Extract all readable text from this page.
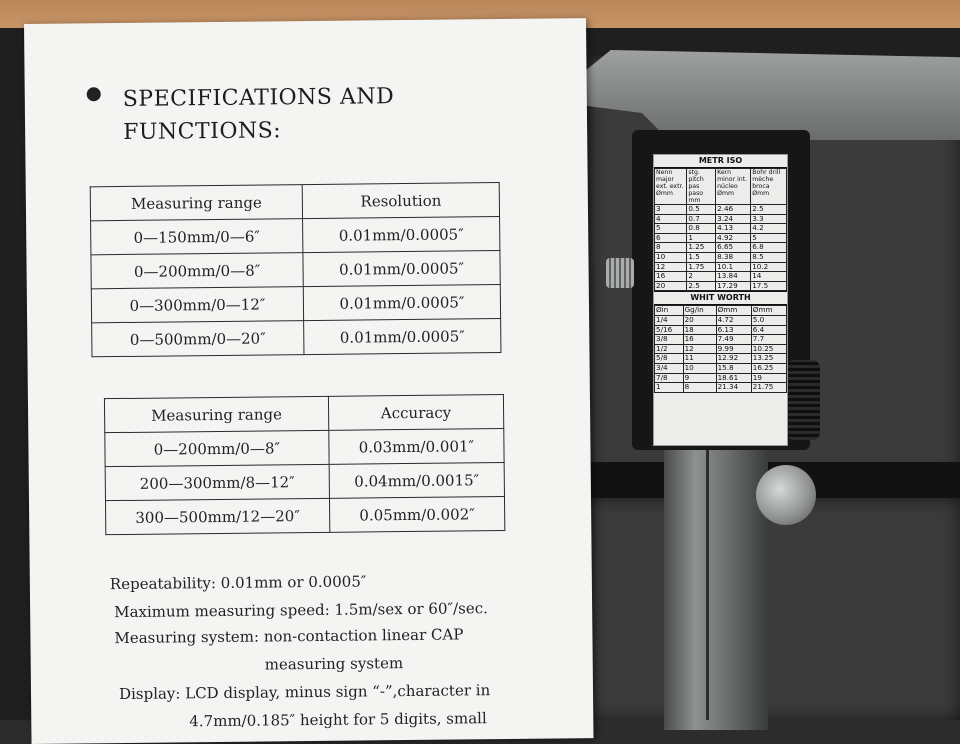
METR ISO
Nenn major ext. extr. Ømm	stg. pitch pas paso mm	Kern minor int. núcleo Ømm	Bohr drill mèche broca Ømm
3	0.5	2.46	2.5
4	0.7	3.24	3.3
5	0.8	4.13	4.2
6	1	4.92	5
8	1.25	6.65	6.8
10	1.5	8.38	8.5
12	1.75	10.1	10.2
16	2	13.84	14
20	2.5	17.29	17.5
WHIT WORTH
Øin	Gg/in	Ømm	Ømm
1/4	20	4.72	5.0
5/16	18	6.13	6.4
3/8	16	7.49	7.7
1/2	12	9.99	10.25
5/8	11	12.92	13.25
3/4	10	15.8	16.25
7/8	9	18.61	19
1	8	21.34	21.75
SPECIFICATIONS AND
FUNCTIONS:
Measuring range	Resolution
0—150mm/0—6″	0.01mm/0.0005″
0—200mm/0—8″	0.01mm/0.0005″
0—300mm/0—12″	0.01mm/0.0005″
0—500mm/0—20″	0.01mm/0.0005″
Measuring range	Accuracy
0—200mm/0—8″	0.03mm/0.001″
200—300mm/8—12″	0.04mm/0.0015″
300—500mm/12—20″	0.05mm/0.002″
Repeatability: 0.01mm or 0.0005″
Maximum measuring speed: 1.5m/sex or 60″/sec.
Measuring system: non-contaction linear CAP
measuring system
Display: LCD display, minus sign “-”,character in
4.7mm/0.185″ height for 5 digits, small
